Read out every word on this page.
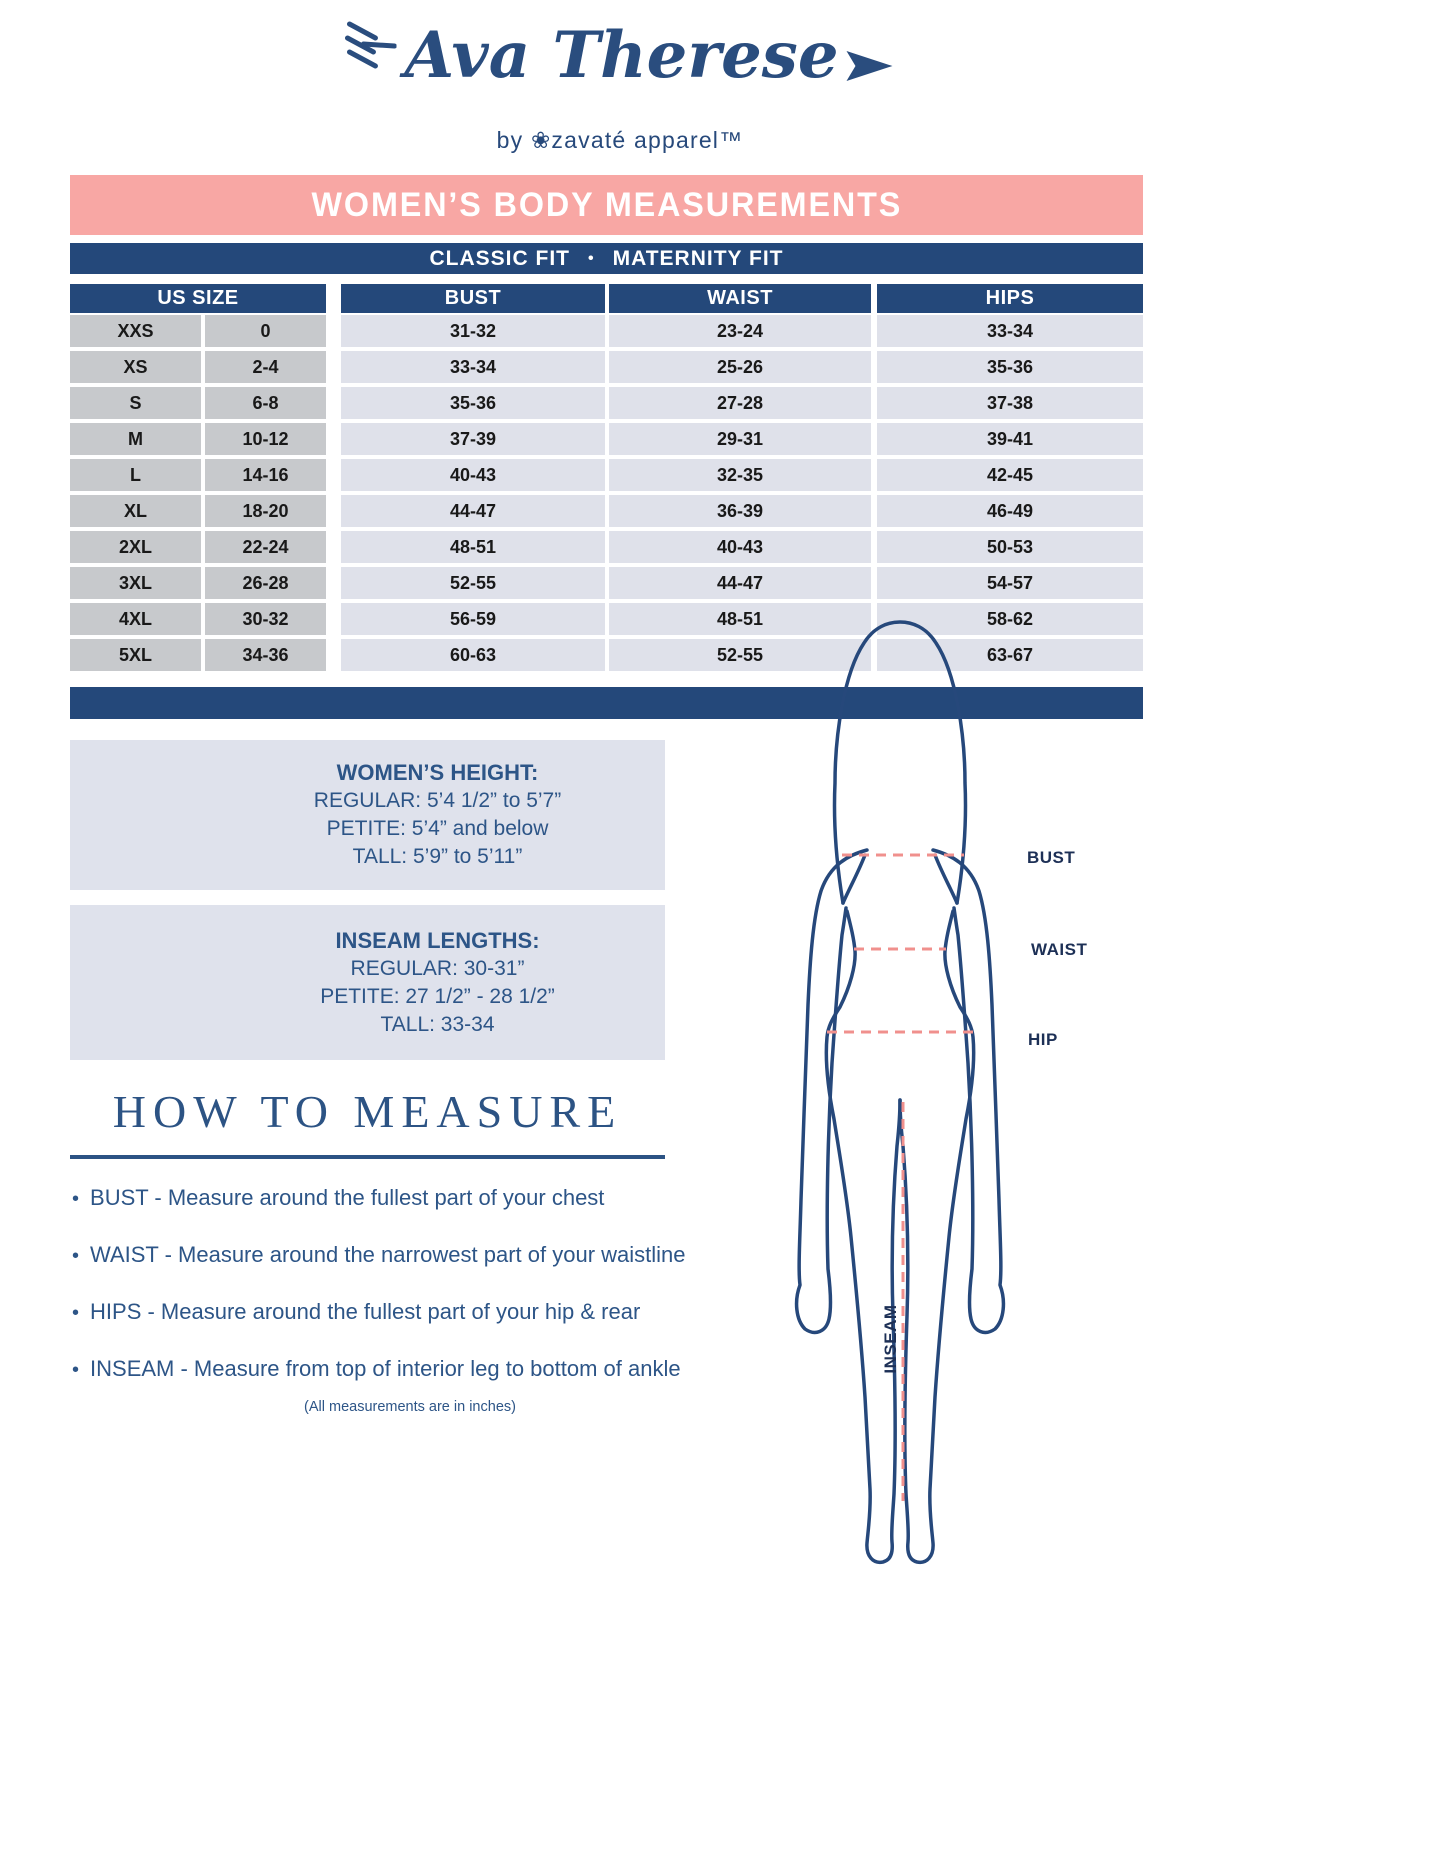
Ava Therese
by ❀zavaté apparel™
WOMEN’S BODY MEASUREMENTS
CLASSIC FIT • MATERNITY FIT
US SIZE	BUST	WAIST	HIPS
XXS	0	31-32	23-24	33-34
XS	2-4	33-34	25-26	35-36
S	6-8	35-36	27-28	37-38
M	10-12	37-39	29-31	39-41
L	14-16	40-43	32-35	42-45
XL	18-20	44-47	36-39	46-49
2XL	22-24	48-51	40-43	50-53
3XL	26-28	52-55	44-47	54-57
4XL	30-32	56-59	48-51	58-62
5XL	34-36	60-63	52-55	63-67
WOMEN’S HEIGHT:
REGULAR: 5’4 1/2” to 5’7”
PETITE: 5’4” and below
TALL: 5’9” to 5’11”
INSEAM LENGTHS:
REGULAR: 30-31”
PETITE: 27 1/2” - 28 1/2”
TALL: 33-34
HOW TO MEASURE
• BUST - Measure around the fullest part of your chest
• WAIST - Measure around the narrowest part of your waistline
• HIPS - Measure around the fullest part of your hip & rear
• INSEAM - Measure from top of interior leg to bottom of ankle
(All measurements are in inches)
BUST
WAIST
HIP
INSEAM
